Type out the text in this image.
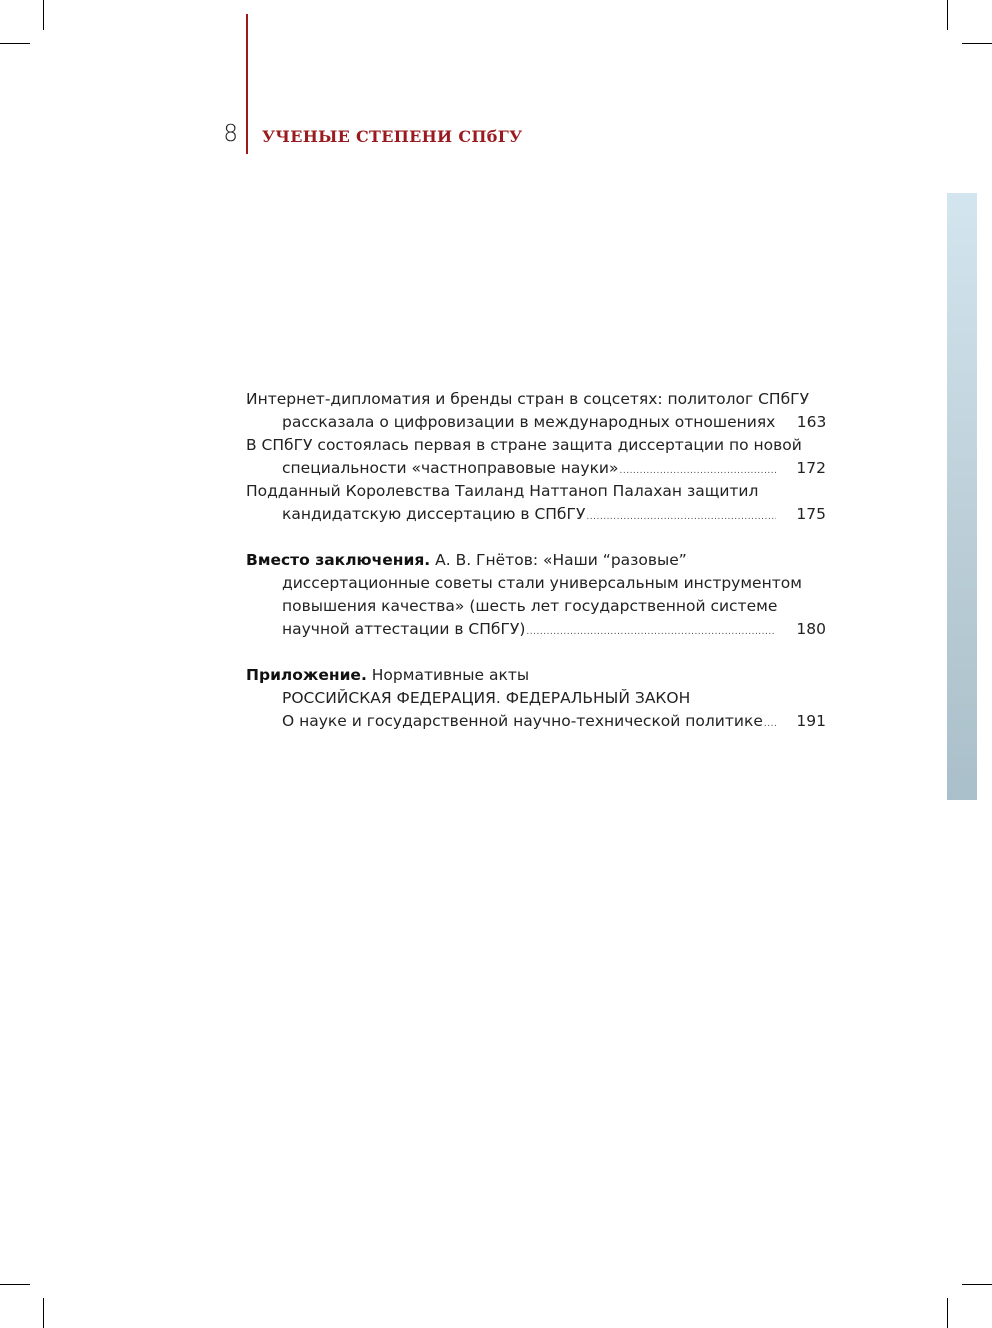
8 УЧЕНЫЕ СТЕПЕНИ СПбГУ
Интернет-дипломатия и бренды стран в соцсетях: политолог СПбГУ
рассказала о цифровизации в международных отношениях	163
В СПбГУ состоялась первая в стране защита диссертации по новой
специальности «частноправовые науки» .....	172
Подданный Королевства Таиланд Наттаноп Палахан защитил
кандидатскую диссертацию в СПбГУ .....	175
Вместо заключения. А. В. Гнётов: «Наши “разовые”
диссертационные советы стали универсальным инструментом
повышения качества» (шесть лет государственной системе
научной аттестации в СПбГУ) .....	180
Приложение. Нормативные акты
РОССИЙСКАЯ ФЕДЕРАЦИЯ. ФЕДЕРАЛЬНЫЙ ЗАКОН
О науке и государственной научно-технической политике .....	191
